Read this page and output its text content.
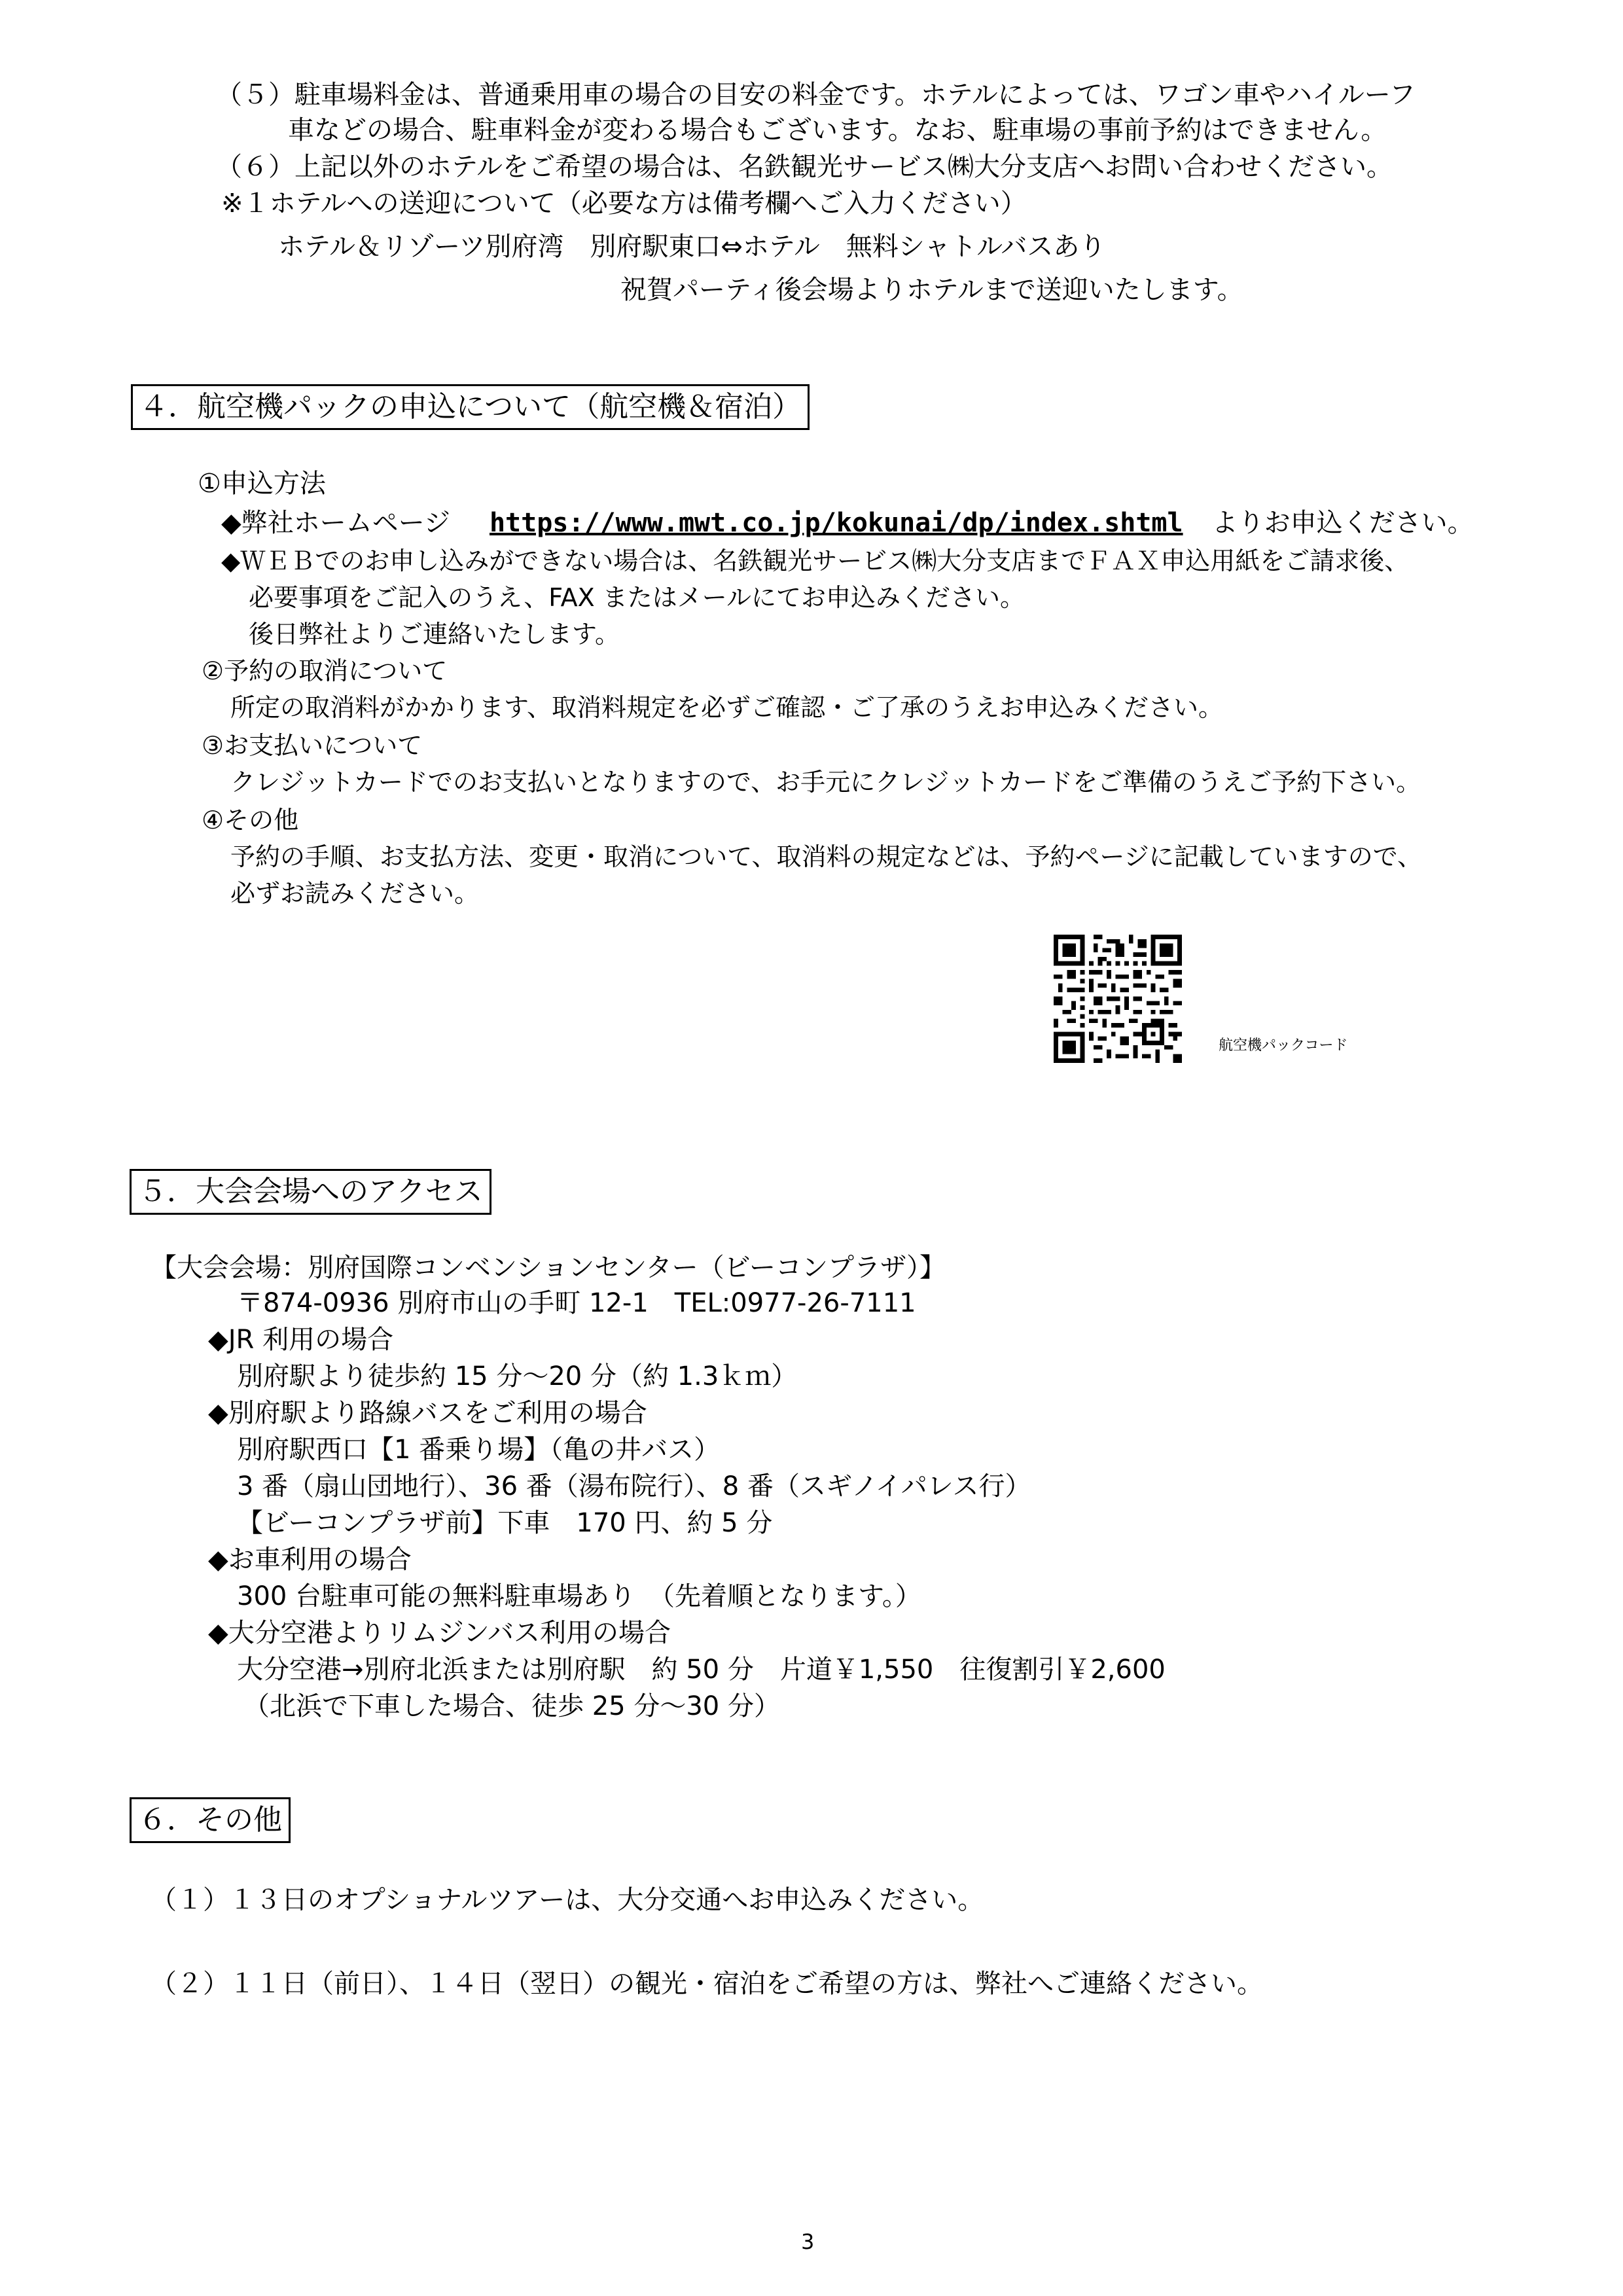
（５）駐車場料金は、普通乗用車の場合の目安の料金です。ホテルによっては、ワゴン車やハイルーフ
車などの場合、駐車料金が変わる場合もございます。なお、駐車場の事前予約はできません。
（６）上記以外のホテルをご希望の場合は、名鉄観光サービス㈱大分支店へお問い合わせください。
※１ホテルへの送迎について（必要な方は備考欄へご入力ください）
ホテル＆リゾーツ別府湾　別府駅東口⇔ホテル　無料シャトルバスあり
祝賀パーティ後会場よりホテルまで送迎いたします。
４．航空機パックの申込について（航空機＆宿泊）
①申込方法
◆弊社ホームページ https://www.mwt.co.jp/kokunai/dp/index.shtml よりお申込ください。
◆ＷＥＢでのお申し込みができない場合は、名鉄観光サービス㈱大分支店までＦＡＸ申込用紙をご請求後、
必要事項をご記入のうえ、FAX またはメールにてお申込みください。
後日弊社よりご連絡いたします。
②予約の取消について
所定の取消料がかかります、取消料規定を必ずご確認・ご了承のうえお申込みください。
③お支払いについて
クレジットカードでのお支払いとなりますので、お手元にクレジットカードをご準備のうえご予約下さい。
④その他
予約の手順、お支払方法、変更・取消について、取消料の規定などは、予約ページに記載していますので、
必ずお読みください。
航空機パックコード
５．大会会場へのアクセス
【大会会場：別府国際コンベンションセンター（ビーコンプラザ）】
〒874-0936 別府市山の手町 12-1　TEL:0977-26-7111
◆JR 利用の場合
別府駅より徒歩約 15 分～20 分（約 1.3ｋｍ）
◆別府駅より路線バスをご利用の場合
別府駅西口【1 番乗り場】（亀の井バス）
3 番（扇山団地行）、36 番（湯布院行）、8 番（スギノイパレス行）
【ビーコンプラザ前】下車　170 円、約 5 分
◆お車利用の場合
300 台駐車可能の無料駐車場あり　（先着順となります。）
◆大分空港よりリムジンバス利用の場合
大分空港→別府北浜または別府駅　約 50 分　片道￥1,550　往復割引￥2,600
（北浜で下車した場合、徒歩 25 分～30 分）
６．その他
（１）１３日のオプショナルツアーは、大分交通へお申込みください。
（２）１１日（前日）、１４日（翌日）の観光・宿泊をご希望の方は、弊社へご連絡ください。
3
